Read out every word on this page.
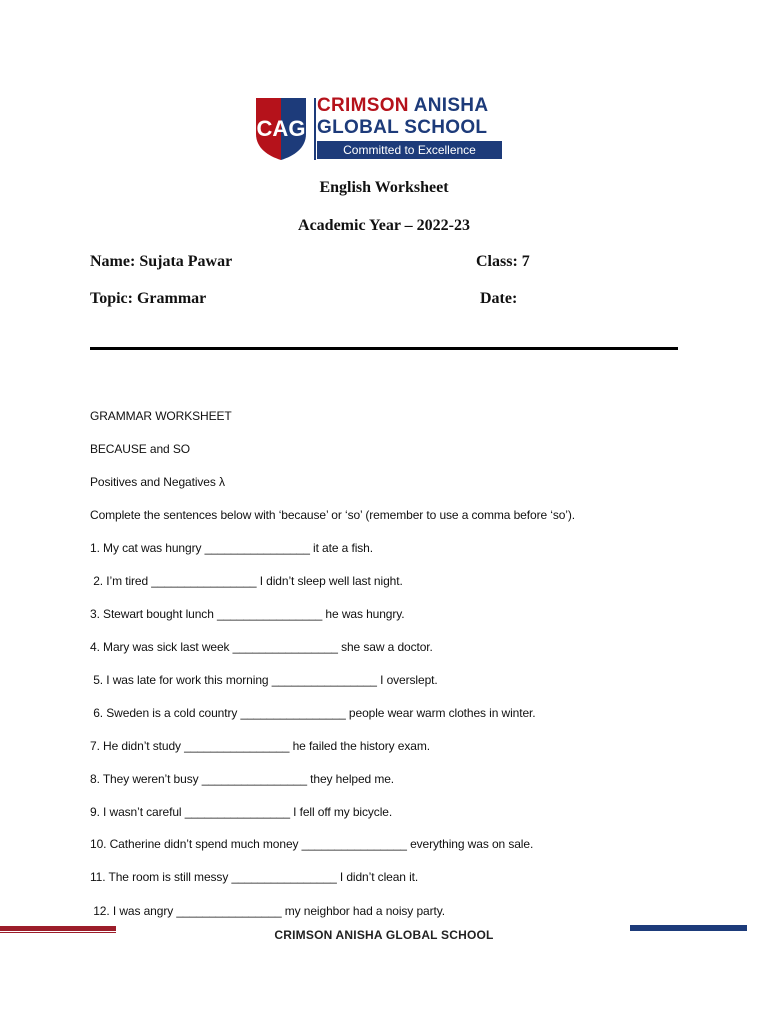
CAG
CRIMSON ANISHA
GLOBAL SCHOOL
Committed to Excellence
English Worksheet
Academic Year – 2022-23
Name: Sujata Pawar	Class: 7
Topic: Grammar	Date:
GRAMMAR WORKSHEET
BECAUSE and SO
Positives and Negatives λ
Complete the sentences below with ‘because’ or ‘so’ (remember to use a comma before ‘so’).
1. My cat was hungry ________________ it ate a fish.
2. I’m tired ________________ I didn’t sleep well last night.
3. Stewart bought lunch ________________ he was hungry.
4. Mary was sick last week ________________ she saw a doctor.
5. I was late for work this morning ________________ I overslept.
6. Sweden is a cold country ________________ people wear warm clothes in winter.
7. He didn’t study ________________ he failed the history exam.
8. They weren’t busy ________________ they helped me.
9. I wasn’t careful ________________ I fell off my bicycle.
10. Catherine didn’t spend much money ________________ everything was on sale.
11. The room is still messy ________________ I didn’t clean it.
12. I was angry ________________ my neighbor had a noisy party.
CRIMSON ANISHA GLOBAL SCHOOL
